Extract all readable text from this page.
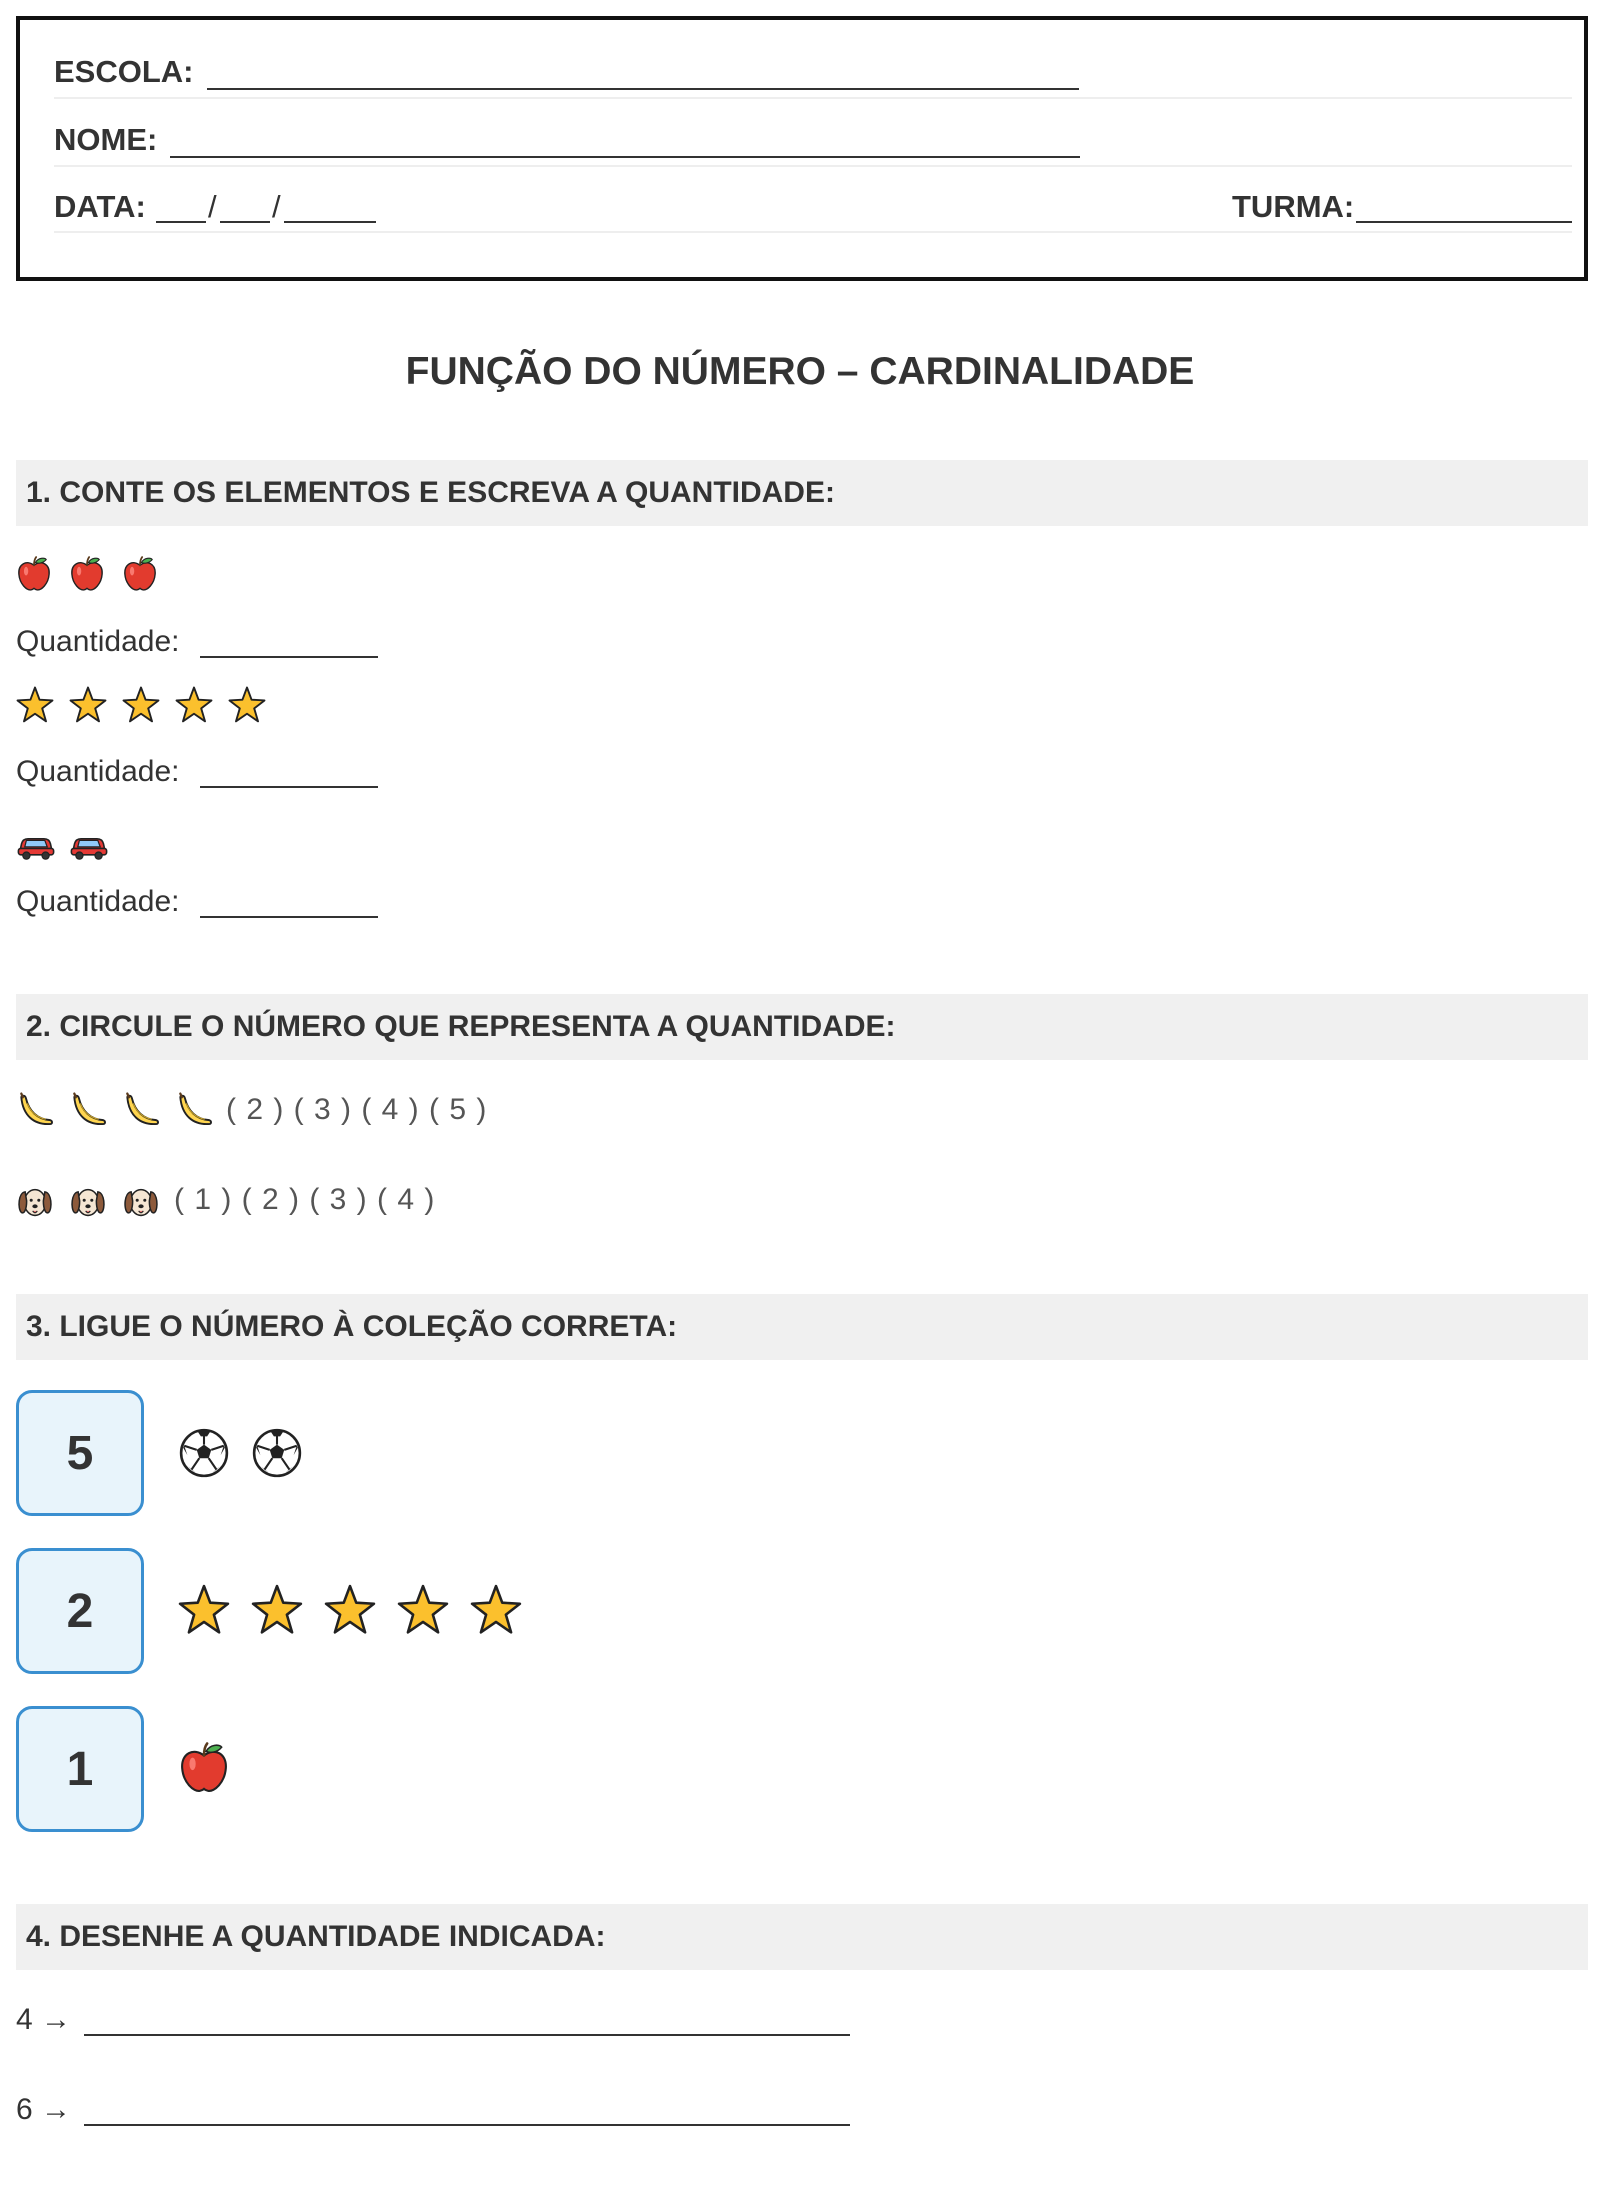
ESCOLA:
NOME:
DATA: / /	TURMA:
FUNÇÃO DO NÚMERO – CARDINALIDADE
1. CONTE OS ELEMENTOS E ESCREVA A QUANTIDADE:
Quantidade:
Quantidade:
Quantidade:
2. CIRCULE O NÚMERO QUE REPRESENTA A QUANTIDADE:
( 2 ) ( 3 ) ( 4 ) ( 5 )
( 1 ) ( 2 ) ( 3 ) ( 4 )
3. LIGUE O NÚMERO À COLEÇÃO CORRETA:
5
2
1
4. DESENHE A QUANTIDADE INDICADA:
4 →
6 →
